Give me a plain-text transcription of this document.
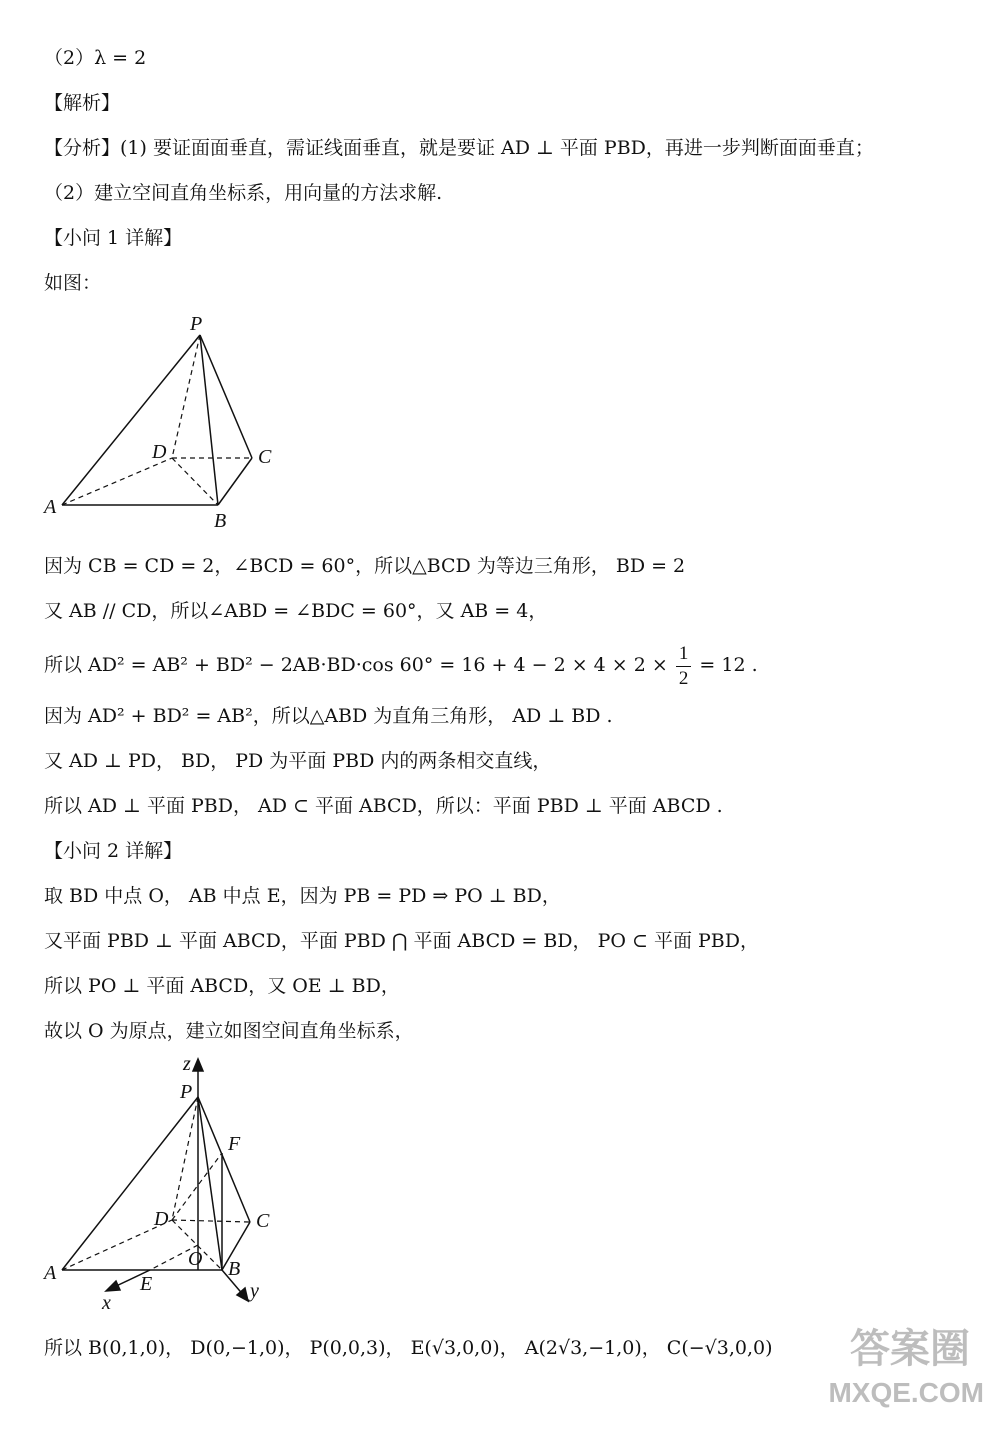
（2）λ = 2
【解析】
【分析】(1) 要证面面垂直，需证线面垂直，就是要证 AD ⊥ 平面 PBD，再进一步判断面面垂直；
（2）建立空间直角坐标系，用向量的方法求解.
【小问 1 详解】
如图：
P
D	C
A
B
因为 CB = CD = 2，∠BCD = 60°，所以△BCD 为等边三角形， BD = 2
又 AB // CD，所以∠ABD = ∠BDC = 60°，又 AB = 4，
所以 AD² = AB² + BD² − 2AB·BD·cos $60^\circ = 16 + 4 - 2 \times 4 \times 2 \times \frac{1}{2} = 12$ .
因为 AD² + BD² = AB²，所以△ABD 为直角三角形， AD ⊥ BD .
又 AD ⊥ PD， BD， PD 为平面 PBD 内的两条相交直线，
所以 AD ⊥ 平面 PBD， AD ⊂ 平面 ABCD，所以：平面 PBD ⊥ 平面 ABCD .
【小问 2 详解】
取 BD 中点 O， AB 中点 E，因为 PB = PD ⇒ PO ⊥ BD，
又平面 PBD ⊥ 平面 ABCD，平面 PBD ⋂ 平面 ABCD = BD， PO ⊂ 平面 PBD，
所以 PO ⊥ 平面 ABCD，又 OE ⊥ BD，
故以 O 为原点，建立如图空间直角坐标系，
z
P
F
D	C
O
A	B
E
x
y
所以 B(0,1,0)， D(0,−1,0)， P(0,0,3)， E(√3,0,0)， A(2√3,−1,0)， C(−√3,0,0) 答案圈
MXQE.COM
